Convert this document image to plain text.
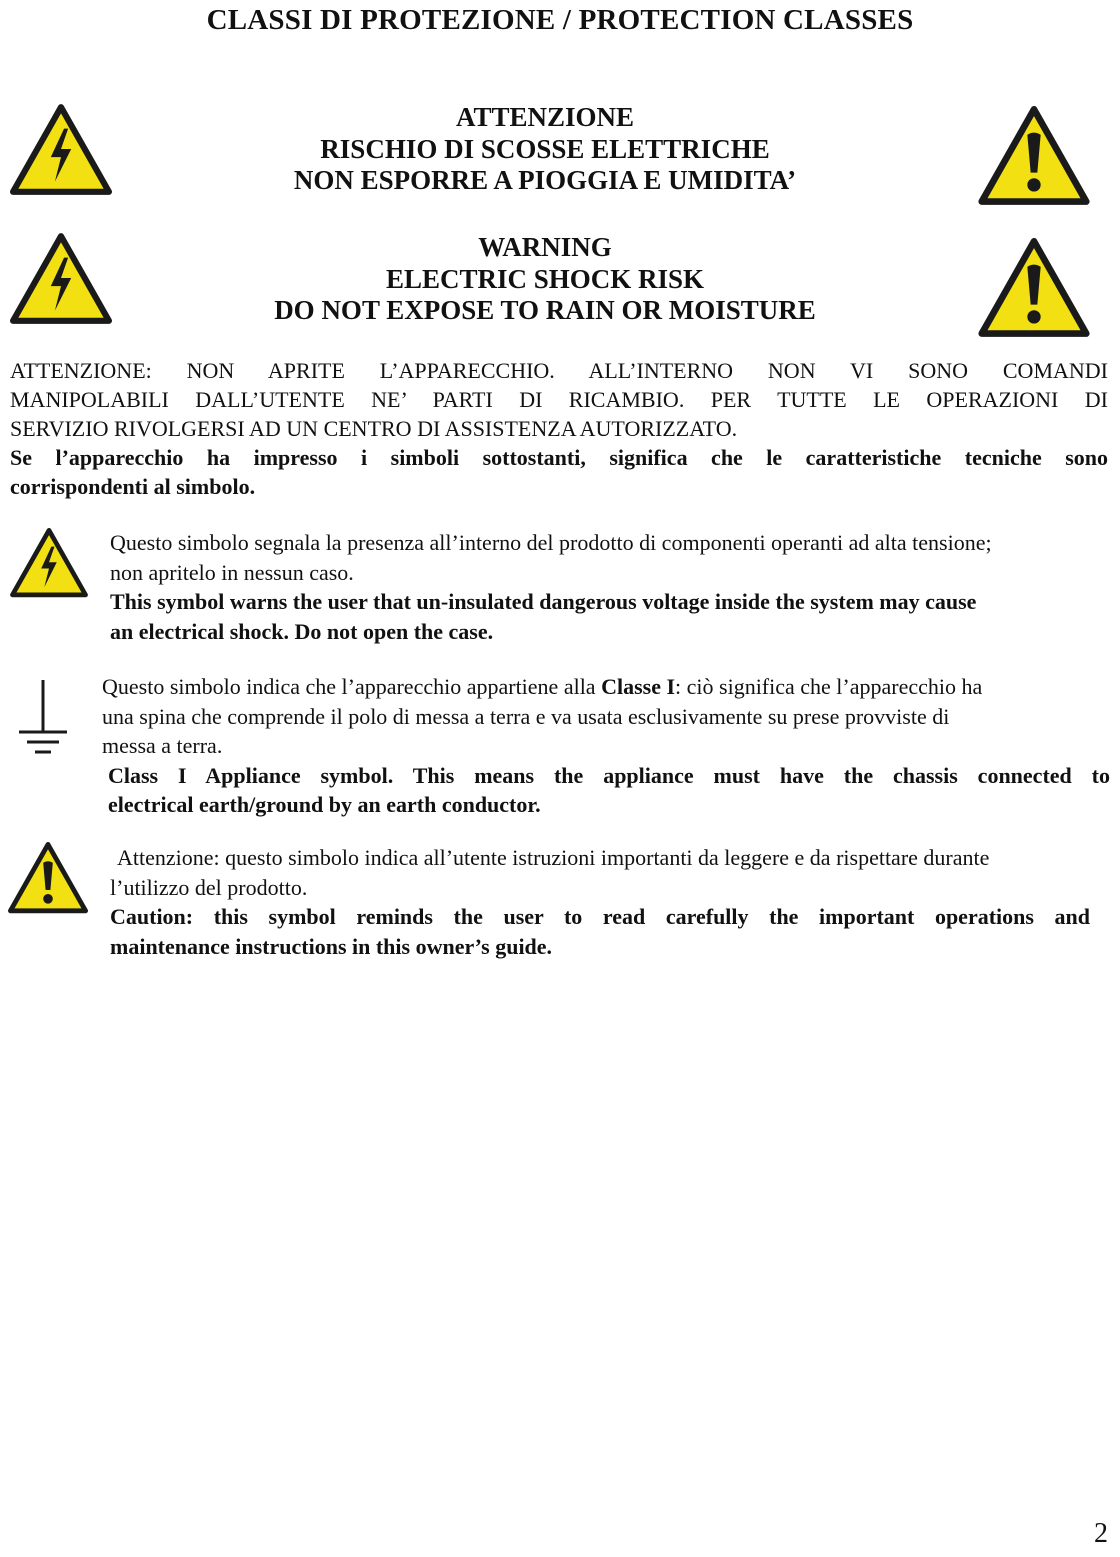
CLASSI DI PROTEZIONE / PROTECTION CLASSES
ATTENZIONE
RISCHIO DI SCOSSE ELETTRICHE
NON ESPORRE A PIOGGIA E UMIDITA’
WARNING
ELECTRIC SHOCK RISK
DO NOT EXPOSE TO RAIN OR MOISTURE
ATTENZIONE: NON APRITE L’APPARECCHIO. ALL’INTERNO NON VI SONO COMANDI
MANIPOLABILI DALL’UTENTE NE’ PARTI DI RICAMBIO. PER TUTTE LE OPERAZIONI DI
SERVIZIO RIVOLGERSI AD UN CENTRO DI ASSISTENZA AUTORIZZATO.
Se l’apparecchio ha impresso i simboli sottostanti, significa che le caratteristiche tecniche sono
corrispondenti al simbolo.
Questo simbolo segnala la presenza all’interno del prodotto di componenti operanti ad alta tensione;
non apritelo in nessun caso.
This symbol warns the user that un-insulated dangerous voltage inside the system may cause
an electrical shock. Do not open the case.
Questo simbolo indica che l’apparecchio appartiene alla Classe I: ciò significa che l’apparecchio ha
una spina che comprende il polo di messa a terra e va usata esclusivamente su prese provviste di
messa a terra.
Class I Appliance symbol. This means the appliance must have the chassis connected to
electrical earth/ground by an earth conductor.
Attenzione: questo simbolo indica all’utente istruzioni importanti da leggere e da rispettare durante
l’utilizzo del prodotto.
Caution: this symbol reminds the user to read carefully the important operations and
maintenance instructions in this owner’s guide.
2
